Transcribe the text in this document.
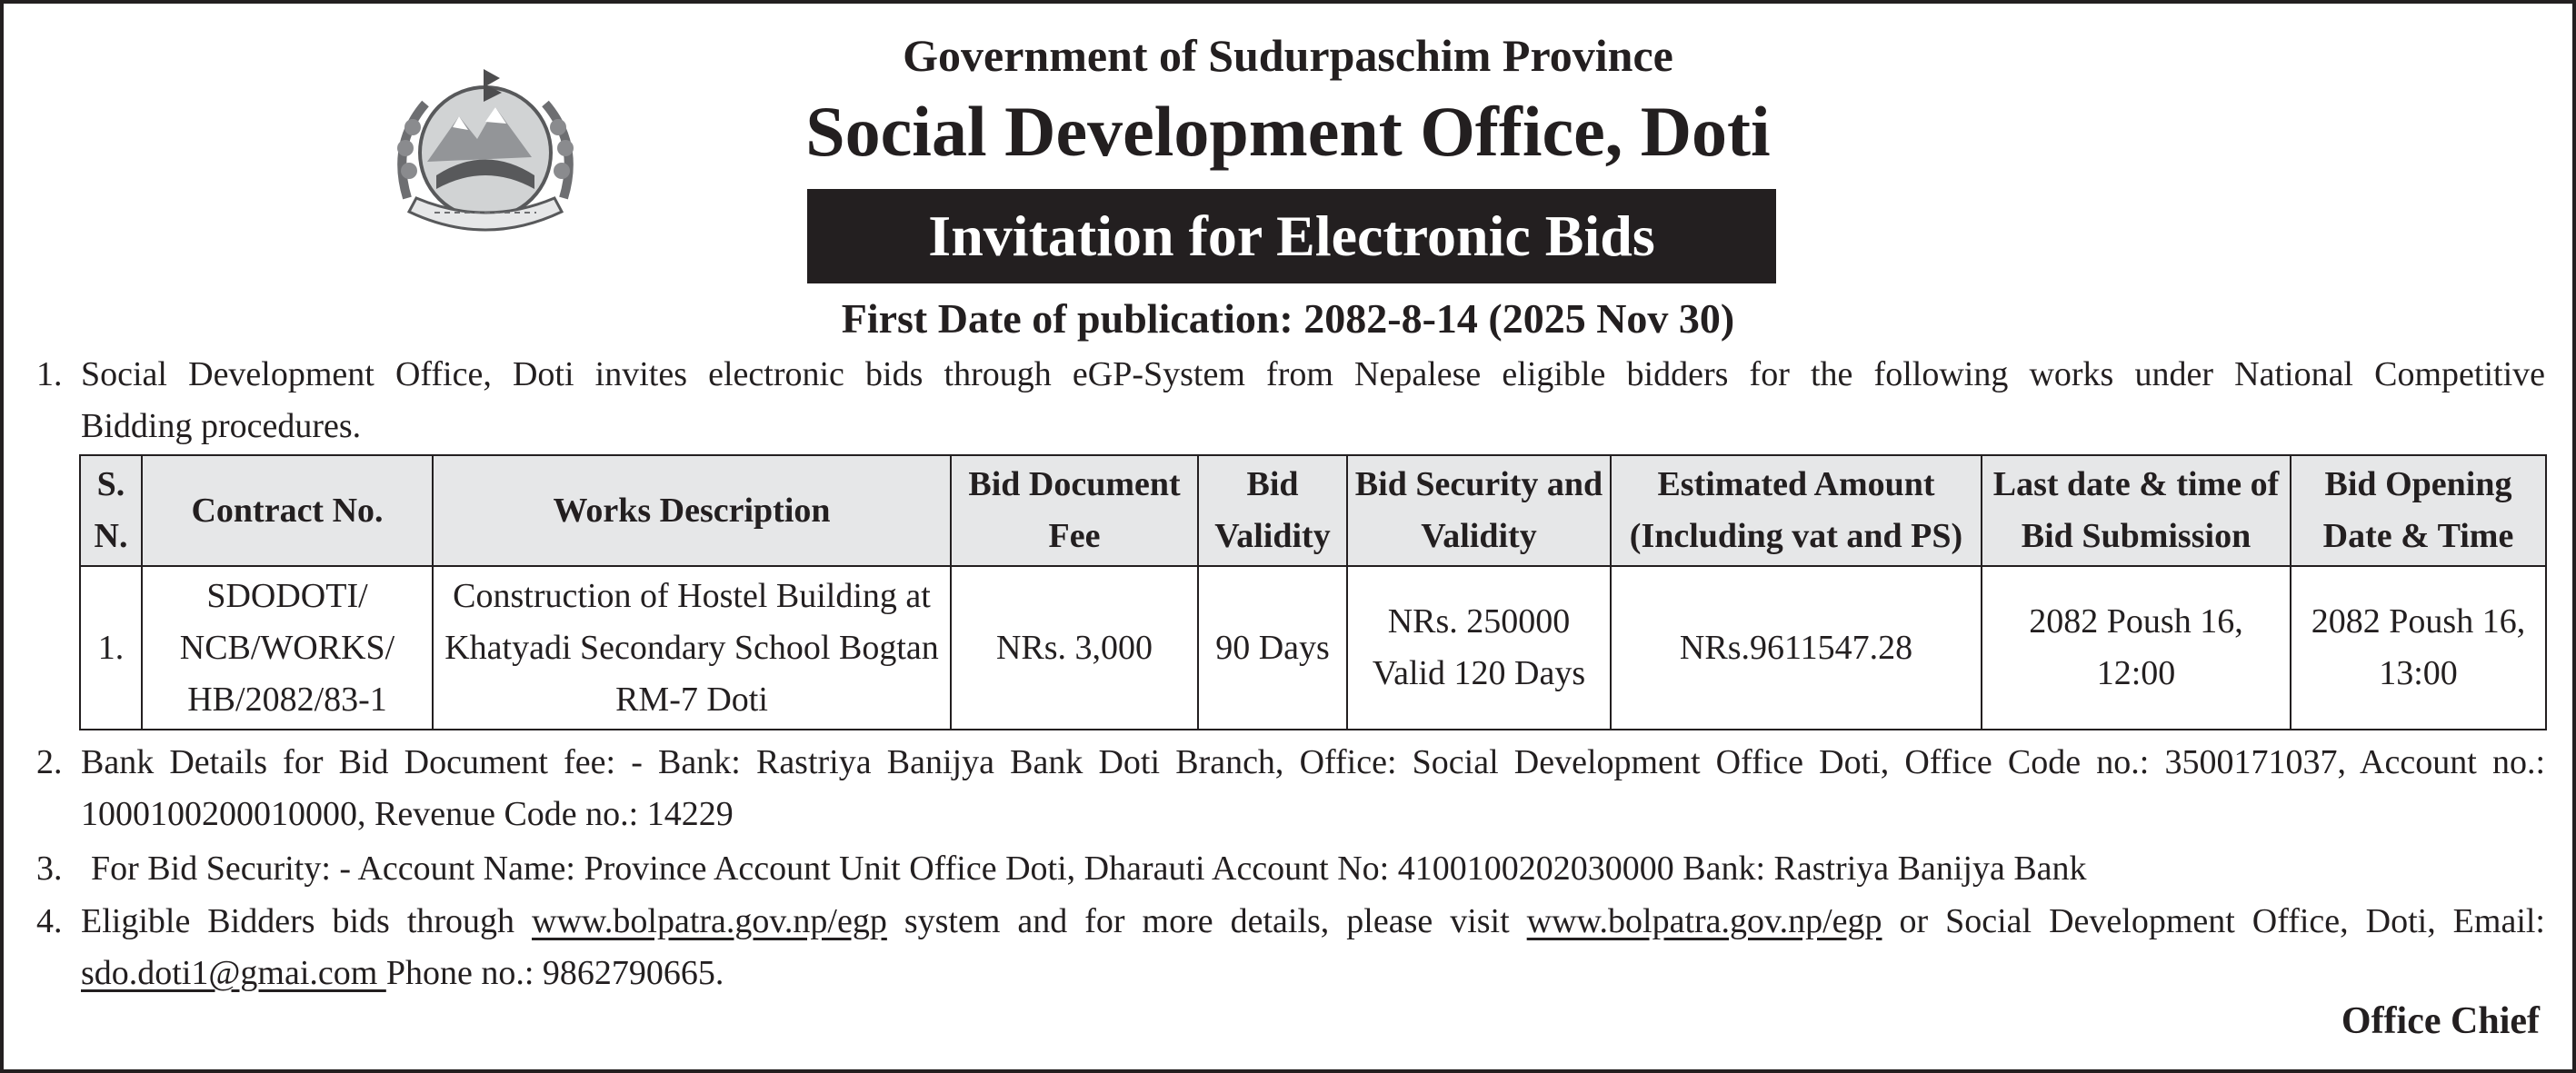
Government of Sudurpaschim Province
Social Development Office, Doti
Invitation for Electronic Bids
First Date of publication: 2082-8-14 (2025 Nov 30)
1. Social Development Office, Doti invites electronic bids through eGP-System from Nepalese eligible bidders for the following works under National Competitive
Bidding procedures.
S. N.	Contract No.	Works Description	Bid Document Fee	Bid Validity	Bid Security and Validity	Estimated Amount (Including vat and PS)	Last date & time of Bid Submission	Bid Opening Date & Time
1.	SDODOTI/ NCB/WORKS/ HB/2082/83-1	Construction of Hostel Building at Khatyadi Secondary School Bogtan RM-7 Doti	NRs. 3,000	90 Days	NRs. 250000 Valid 120 Days	NRs.9611547.28	2082 Poush 16, 12:00	2082 Poush 16, 13:00
2. Bank Details for Bid Document fee: - Bank: Rastriya Banijya Bank Doti Branch, Office: Social Development Office Doti, Office Code no.: 3500171037, Account no.: 1000100200010000, Revenue Code no.: 14229
3. For Bid Security: - Account Name: Province Account Unit Office Doti, Dharauti Account No: 4100100202030000 Bank: Rastriya Banijya Bank
4. Eligible Bidders bids through www.bolpatra.gov.np/egp system and for more details, please visit www.bolpatra.gov.np/egp or Social Development Office, Doti, Email: sdo.doti1@gmai.com Phone no.: 9862790665.
Office Chief
